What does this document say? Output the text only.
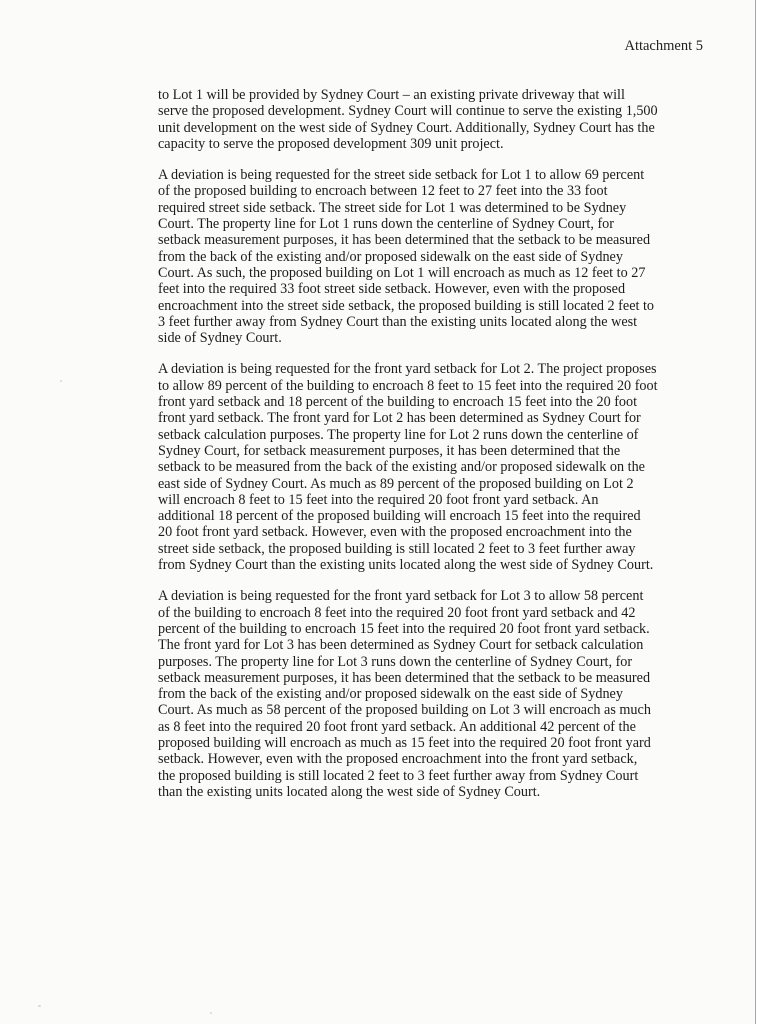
Attachment 5

to Lot 1 will be provided by Sydney Court – an existing private driveway that will serve the proposed development. Sydney Court will continue to serve the existing 1,500 unit development on the west side of Sydney Court. Additionally, Sydney Court has the capacity to serve the proposed development 309 unit project.

A deviation is being requested for the street side setback for Lot 1 to allow 69 percent of the proposed building to encroach between 12 feet to 27 feet into the 33 foot required street side setback. The street side for Lot 1 was determined to be Sydney Court. The property line for Lot 1 runs down the centerline of Sydney Court, for setback measurement purposes, it has been determined that the setback to be measured from the back of the existing and/or proposed sidewalk on the east side of Sydney Court. As such, the proposed building on Lot 1 will encroach as much as 12 feet to 27 feet into the required 33 foot street side setback. However, even with the proposed encroachment into the street side setback, the proposed building is still located 2 feet to 3 feet further away from Sydney Court than the existing units located along the west side of Sydney Court.

A deviation is being requested for the front yard setback for Lot 2. The project proposes to allow 89 percent of the building to encroach 8 feet to 15 feet into the required 20 foot front yard setback and 18 percent of the building to encroach 15 feet into the 20 foot front yard setback. The front yard for Lot 2 has been determined as Sydney Court for setback calculation purposes. The property line for Lot 2 runs down the centerline of Sydney Court, for setback measurement purposes, it has been determined that the setback to be measured from the back of the existing and/or proposed sidewalk on the east side of Sydney Court. As much as 89 percent of the proposed building on Lot 2 will encroach 8 feet to 15 feet into the required 20 foot front yard setback. An additional 18 percent of the proposed building will encroach 15 feet into the required 20 foot front yard setback. However, even with the proposed encroachment into the street side setback, the proposed building is still located 2 feet to 3 feet further away from Sydney Court than the existing units located along the west side of Sydney Court.

A deviation is being requested for the front yard setback for Lot 3 to allow 58 percent of the building to encroach 8 feet into the required 20 foot front yard setback and 42 percent of the building to encroach 15 feet into the required 20 foot front yard setback. The front yard for Lot 3 has been determined as Sydney Court for setback calculation purposes. The property line for Lot 3 runs down the centerline of Sydney Court, for setback measurement purposes, it has been determined that the setback to be measured from the back of the existing and/or proposed sidewalk on the east side of Sydney Court. As much as 58 percent of the proposed building on Lot 3 will encroach as much as 8 feet into the required 20 foot front yard setback. An additional 42 percent of the proposed building will encroach as much as 15 feet into the required 20 foot front yard setback. However, even with the proposed encroachment into the front yard setback, the proposed building is still located 2 feet to 3 feet further away from Sydney Court than the existing units located along the west side of Sydney Court.
